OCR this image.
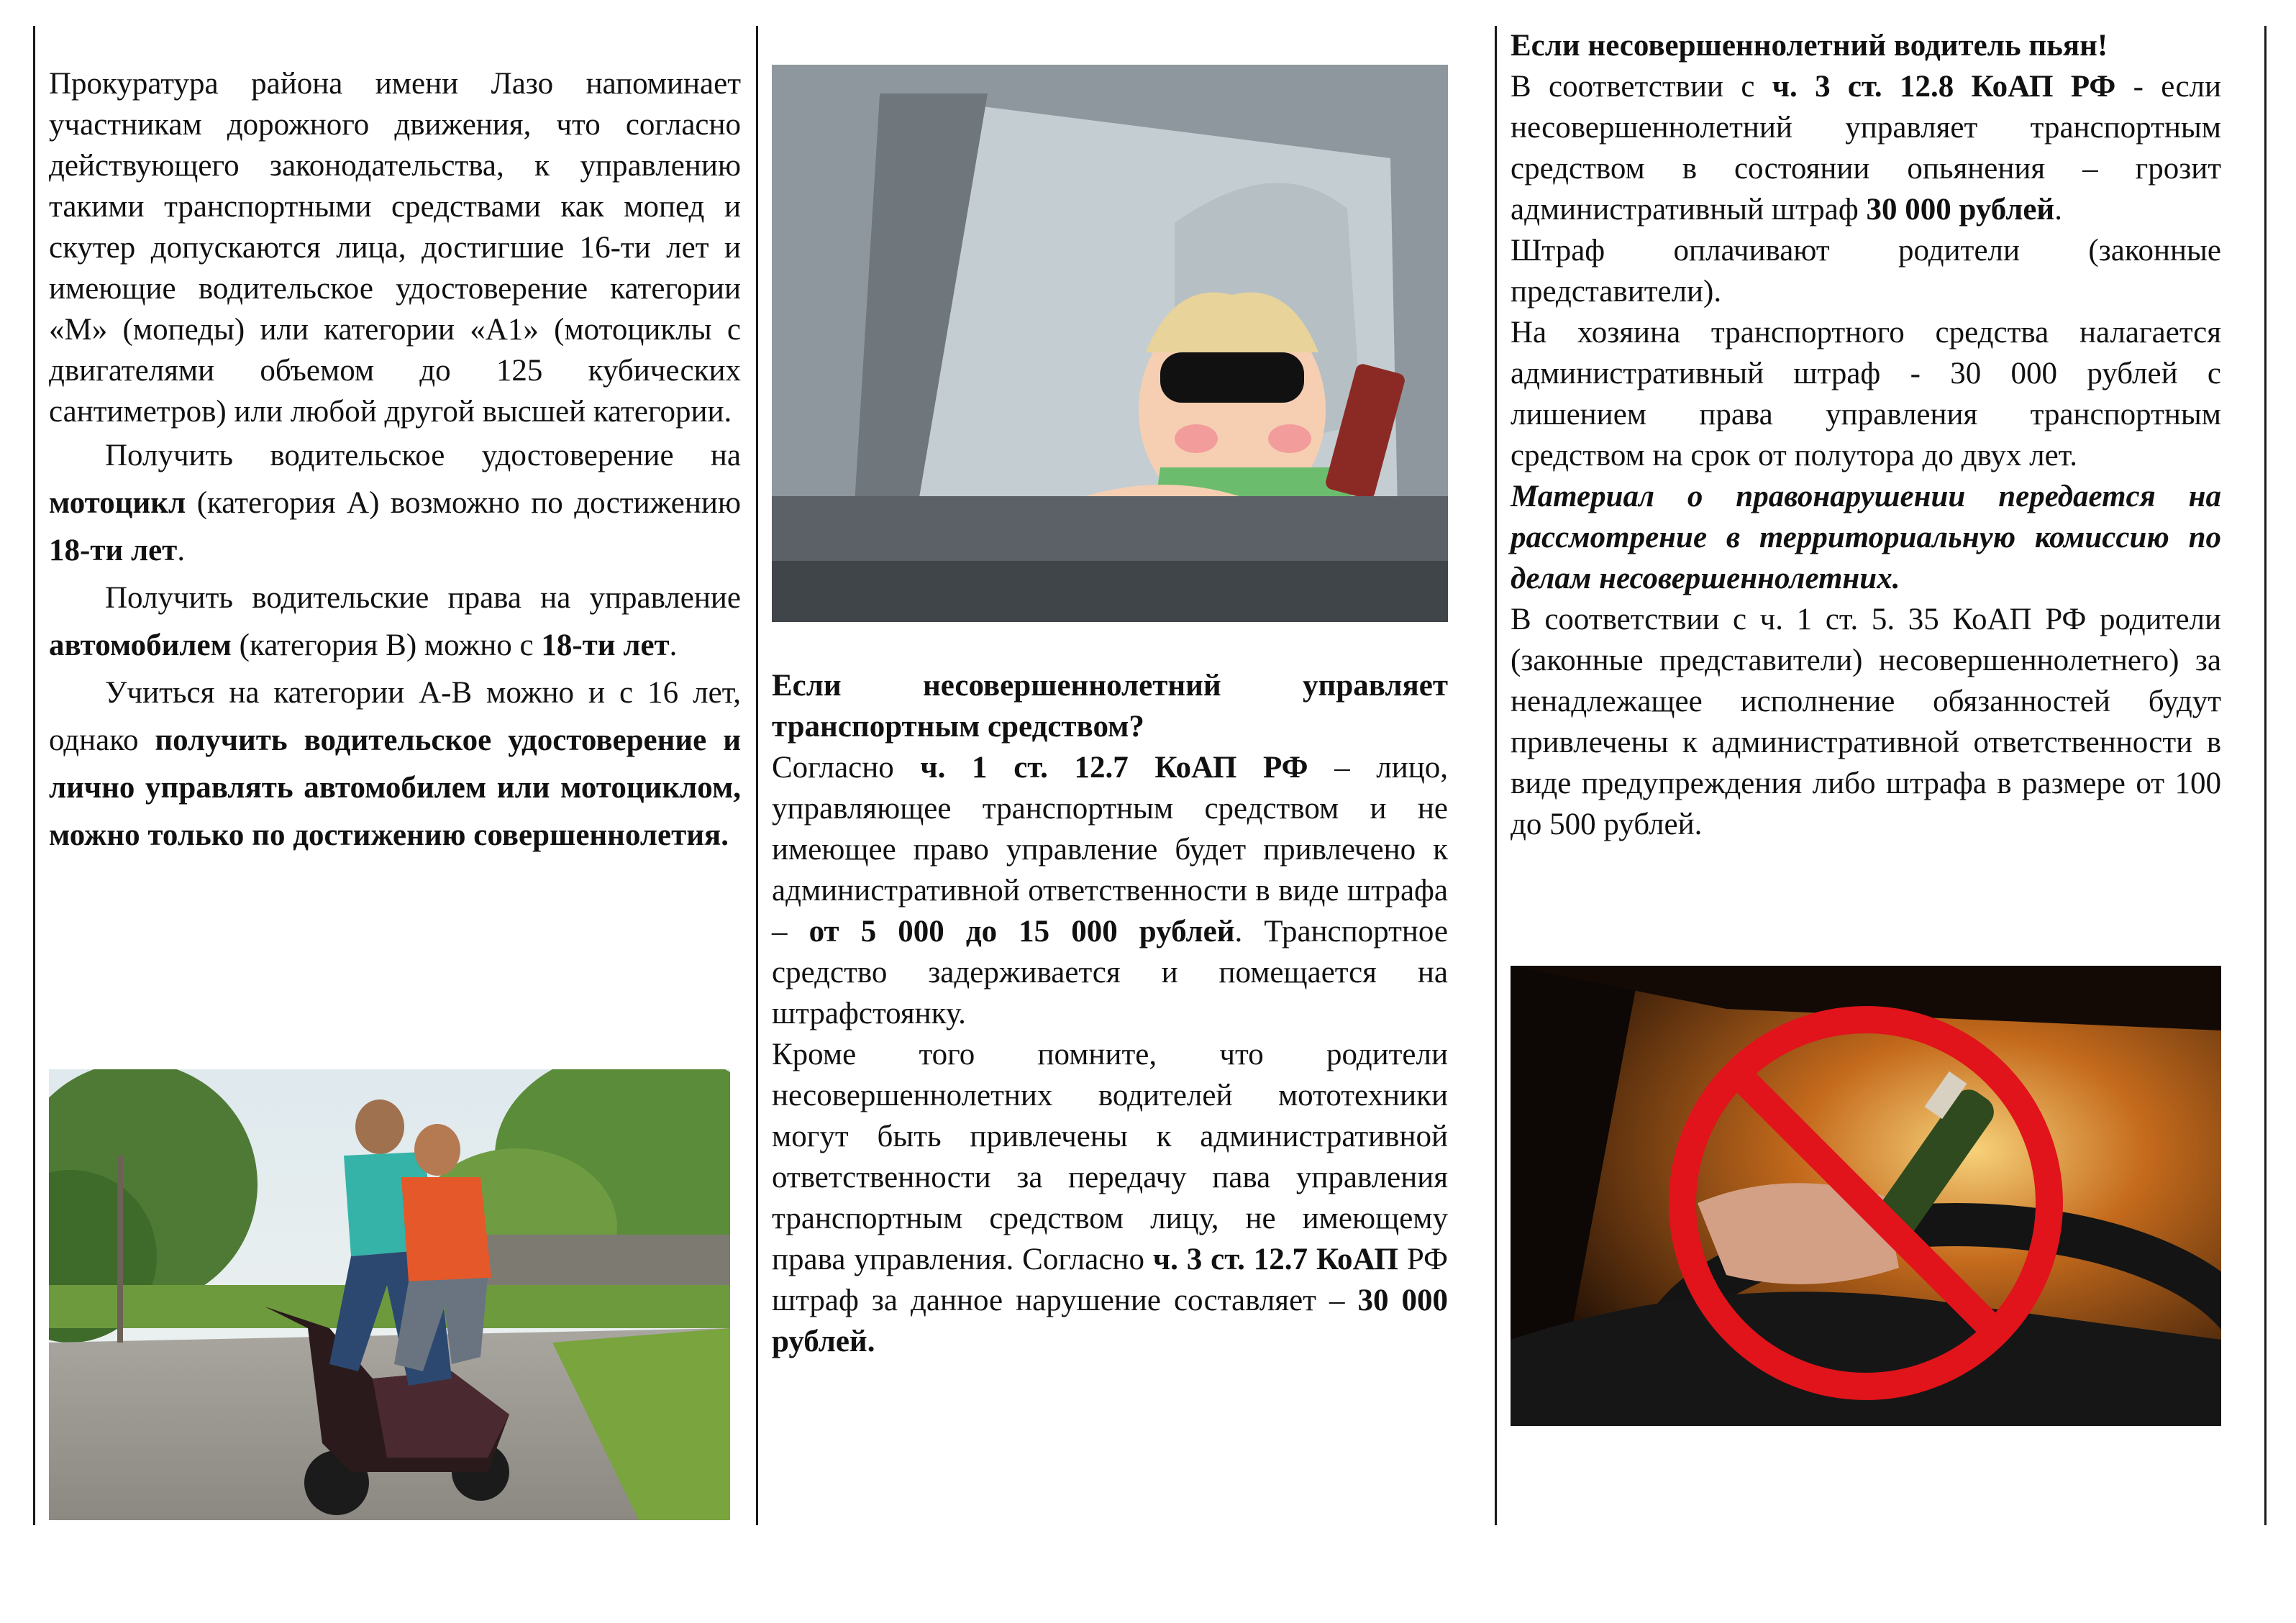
Прокуратура района имени Лазо напоминает участникам дорожного движения, что согласно действующего законодательства, к управлению такими транспортными средствами как мопед и скутер допускаются лица, достигшие 16-ти лет и имеющие водительское удостоверение категории «М» (мопеды) или категории «А1» (мотоциклы с двигателями объемом до 125 кубических сантиметров) или любой другой высшей категории.

Получить водительское удостоверение на мотоцикл (категория А) возможно по достижению 18-ти лет.

Получить водительские права на управление автомобилем (категория В) можно с 18-ти лет.

Учиться на категории А-В можно и с 16 лет, однако получить водительское удостоверение и лично управлять автомобилем или мотоциклом, можно только по достижению совершеннолетия.

Если несовершеннолетний управляет транспортным средством?

Согласно ч. 1 ст. 12.7 КоАП РФ – лицо, управляющее транспортным средством и не имеющее право управление будет привлечено к административной ответственности в виде штрафа – от 5 000 до 15 000 рублей. Транспортное средство задерживается и помещается на штрафстоянку.

Кроме того помните, что родители несовершеннолетних водителей мототехники могут быть привлечены к административной ответственности за передачу пава управления транспортным средством лицу, не имеющему права управления. Согласно ч. 3 ст. 12.7 КоАП РФ штраф за данное нарушение составляет – 30 000 рублей.

Если несовершеннолетний водитель пьян!

В соответствии с ч. 3 ст. 12.8 КоАП РФ - если несовершеннолетний управляет транспортным средством в состоянии опьянения – грозит административный штраф 30 000 рублей.

Штраф оплачивают родители (законные представители).

На хозяина транспортного средства налагается административный штраф - 30 000 рублей с лишением права управления транспортным средством на срок от полутора до двух лет.

Материал о правонарушении передается на рассмотрение в территориальную комиссию по делам несовершеннолетних.

В соответствии с ч. 1 ст. 5. 35 КоАП РФ родители (законные представители) несовершеннолетнего) за ненадлежащее исполнение обязанностей будут привлечены к административной ответственности в виде предупреждения либо штрафа в размере от 100 до 500 рублей.
